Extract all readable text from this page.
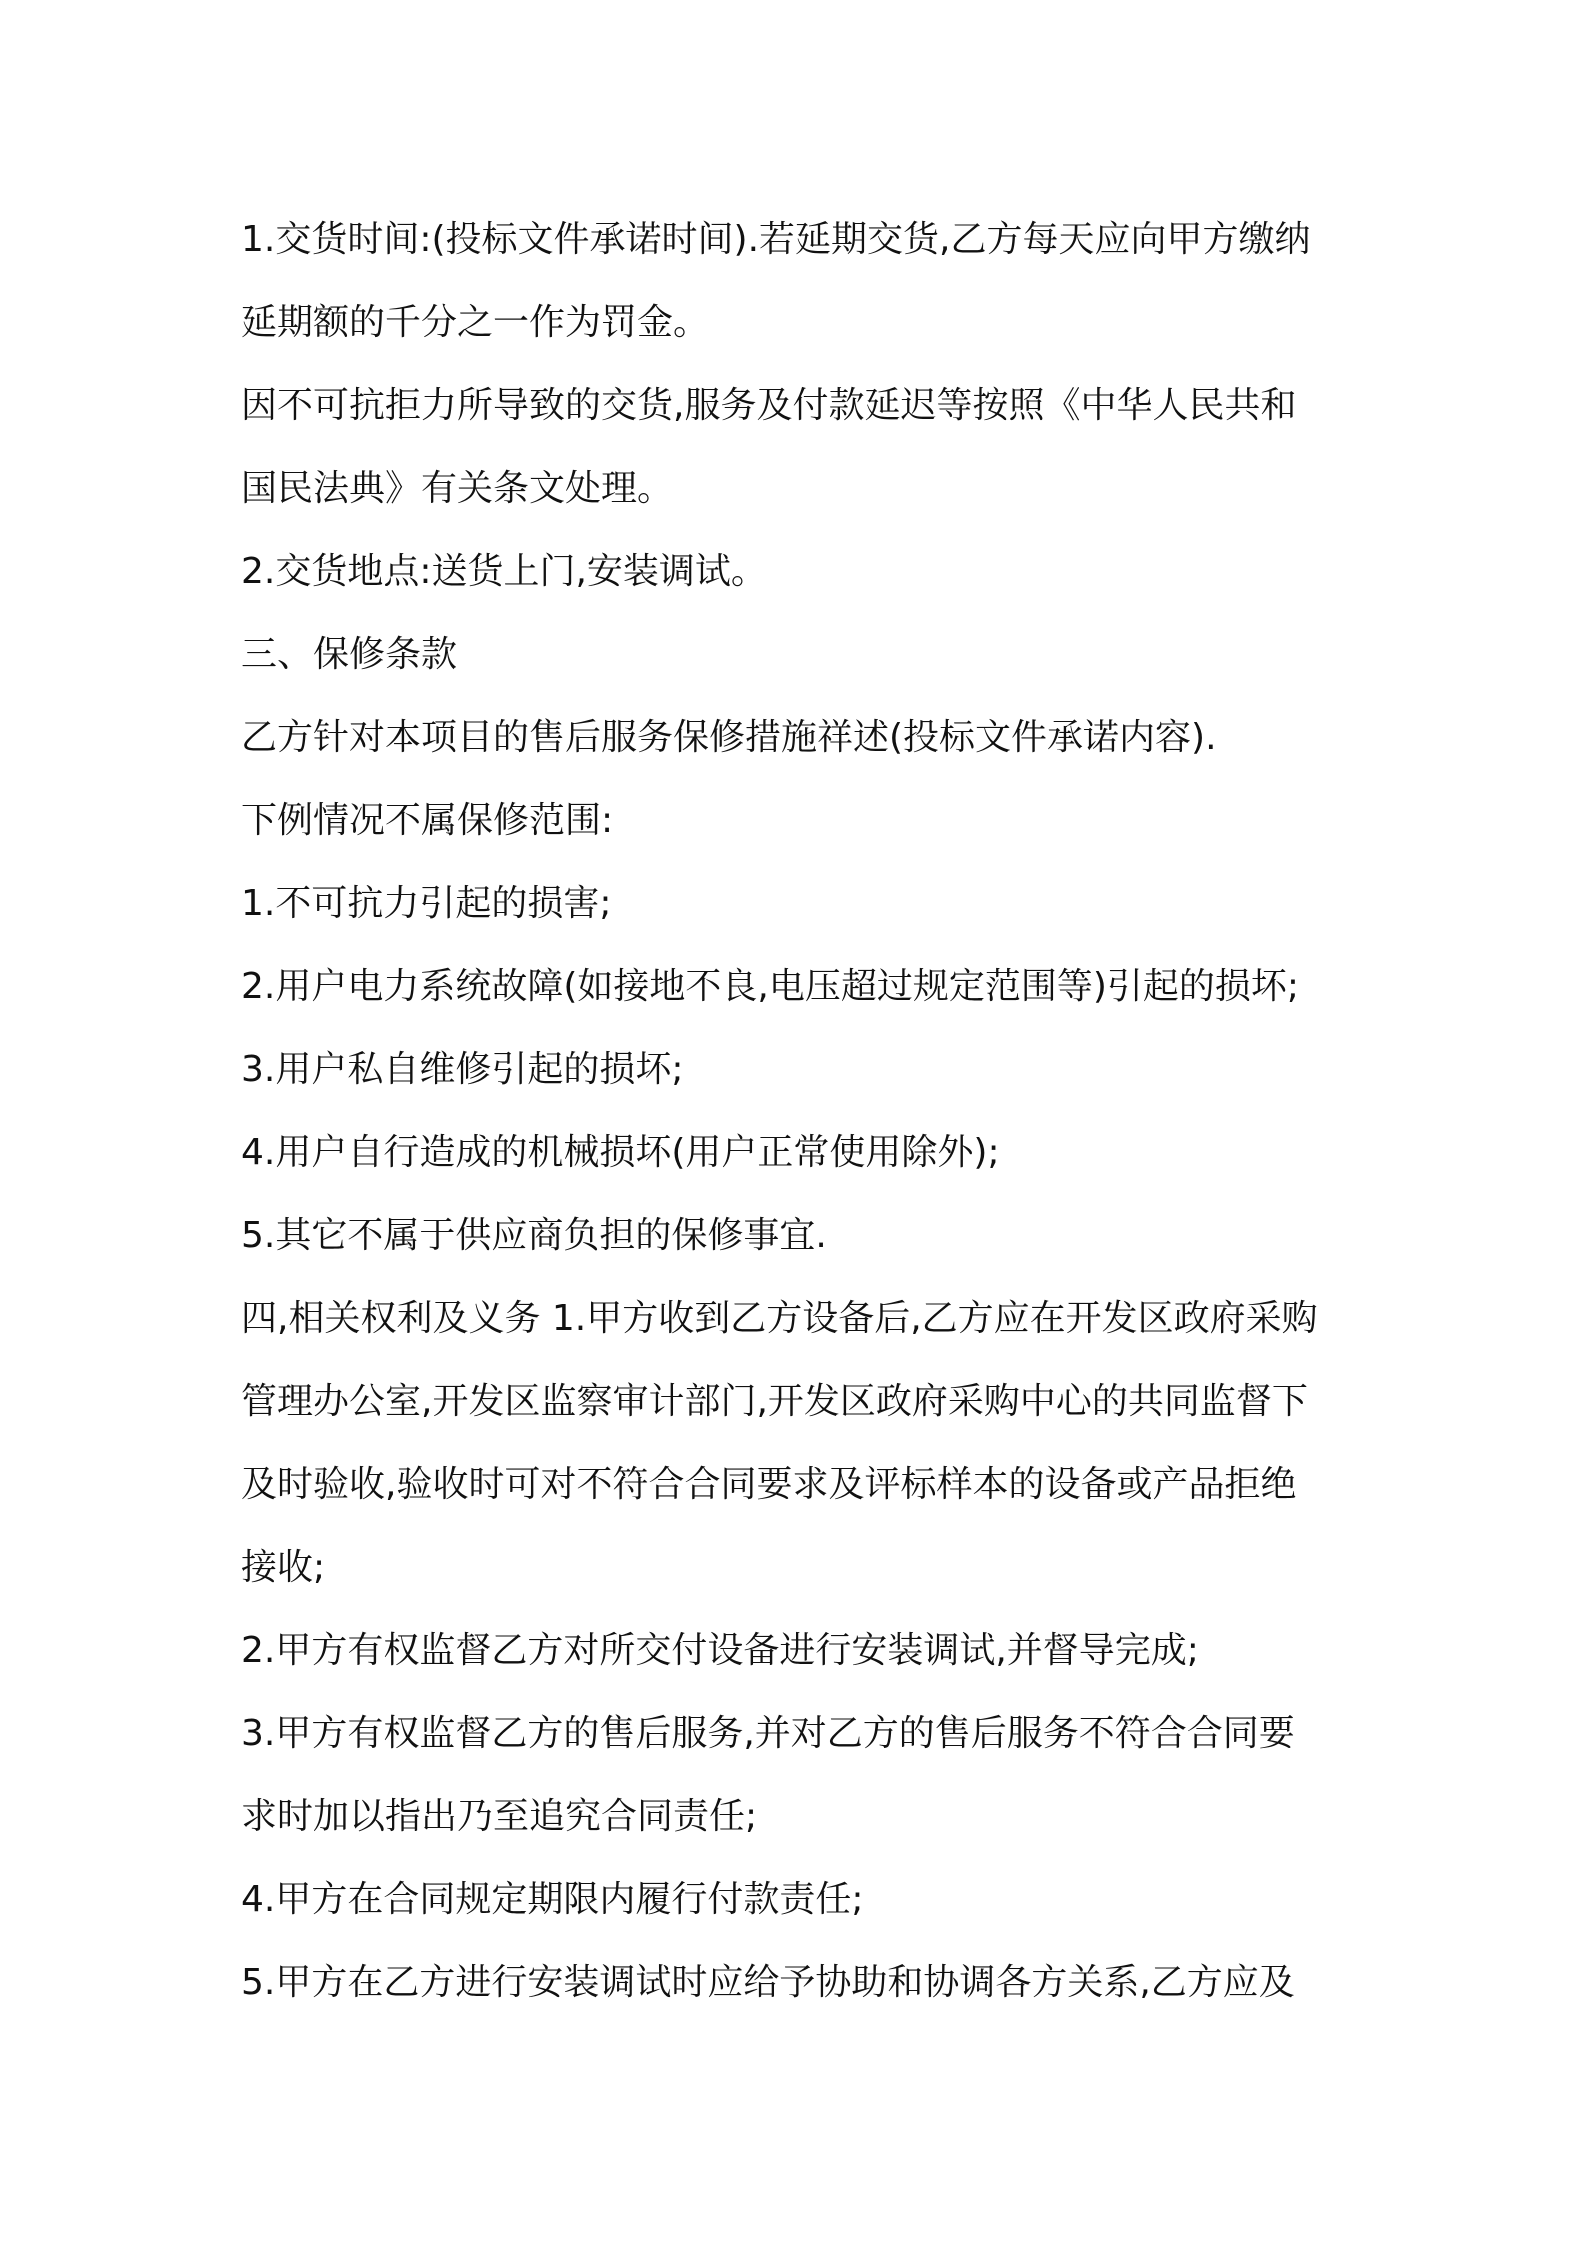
1.交货时间:(投标文件承诺时间).若延期交货,乙方每天应向甲方缴纳
延期额的千分之一作为罚金。
因不可抗拒力所导致的交货,服务及付款延迟等按照《中华人民共和
国民法典》有关条文处理。
2.交货地点:送货上门,安装调试。
三、保修条款
乙方针对本项目的售后服务保修措施祥述(投标文件承诺内容).
下例情况不属保修范围:
1.不可抗力引起的损害;
2.用户电力系统故障(如接地不良,电压超过规定范围等)引起的损坏;
3.用户私自维修引起的损坏;
4.用户自行造成的机械损坏(用户正常使用除外);
5.其它不属于供应商负担的保修事宜.
四,相关权利及义务 1.甲方收到乙方设备后,乙方应在开发区政府采购
管理办公室,开发区监察审计部门,开发区政府采购中心的共同监督下
及时验收,验收时可对不符合合同要求及评标样本的设备或产品拒绝
接收;
2.甲方有权监督乙方对所交付设备进行安装调试,并督导完成;
3.甲方有权监督乙方的售后服务,并对乙方的售后服务不符合合同要
求时加以指出乃至追究合同责任;
4.甲方在合同规定期限内履行付款责任;
5.甲方在乙方进行安装调试时应给予协助和协调各方关系,乙方应及
